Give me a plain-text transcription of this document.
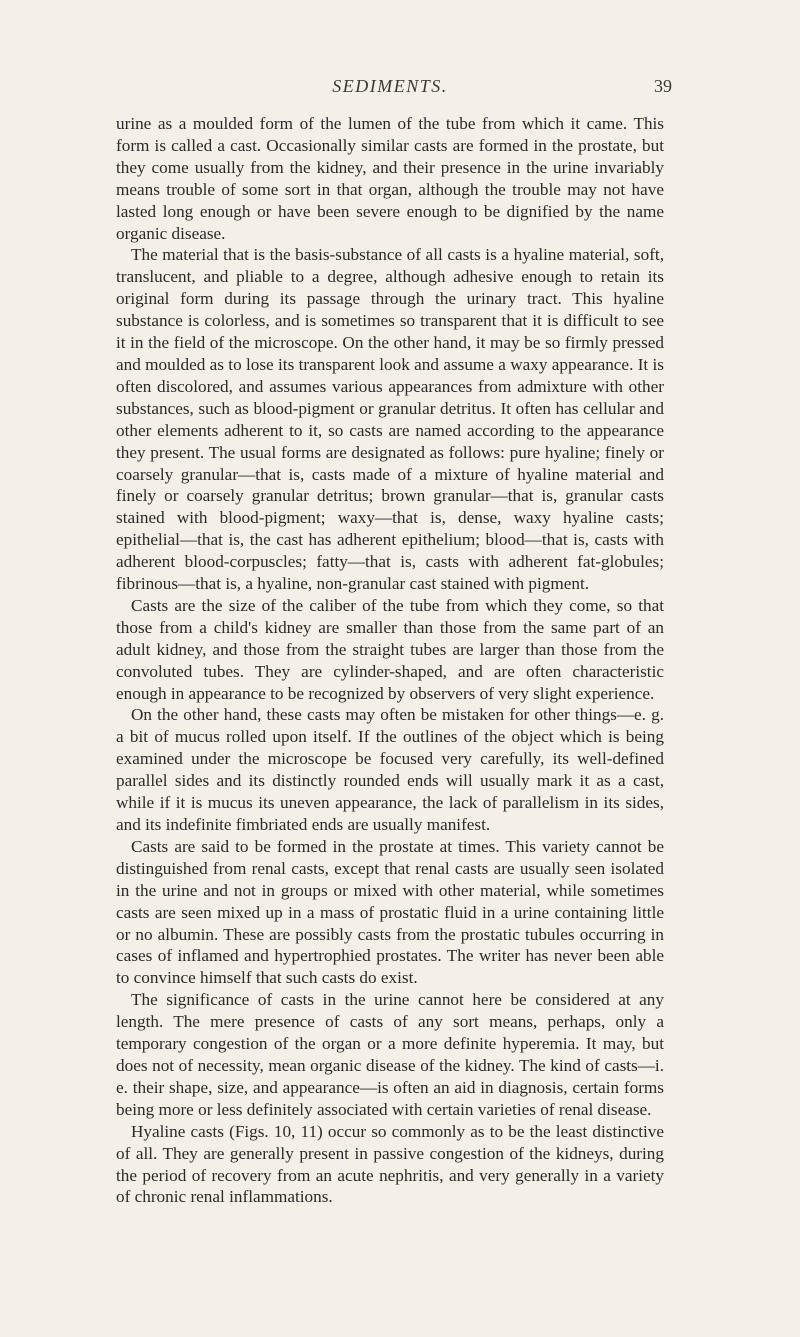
SEDIMENTS.	39

urine as a moulded form of the lumen of the tube from which it came. This form is called a cast. Occasionally similar casts are formed in the prostate, but they come usually from the kidney, and their presence in the urine invariably means trouble of some sort in that organ, although the trouble may not have lasted long enough or have been severe enough to be dignified by the name organic disease.

The material that is the basis-substance of all casts is a hyaline material, soft, translucent, and pliable to a degree, although adhesive enough to retain its original form during its passage through the urinary tract. This hyaline substance is colorless, and is sometimes so transparent that it is difficult to see it in the field of the microscope. On the other hand, it may be so firmly pressed and moulded as to lose its transparent look and assume a waxy appearance. It is often discolored, and assumes various appearances from admixture with other substances, such as blood-pigment or granular detritus. It often has cellular and other elements adherent to it, so casts are named according to the appearance they present. The usual forms are designated as follows: pure hyaline; finely or coarsely granular—that is, casts made of a mixture of hyaline material and finely or coarsely granular detritus; brown granular—that is, granular casts stained with blood-pigment; waxy—that is, dense, waxy hyaline casts; epithelial—that is, the cast has adherent epithelium; blood—that is, casts with adherent blood-corpuscles; fatty—that is, casts with adherent fat-globules; fibrinous—that is, a hyaline, non-granular cast stained with pigment.

Casts are the size of the caliber of the tube from which they come, so that those from a child's kidney are smaller than those from the same part of an adult kidney, and those from the straight tubes are larger than those from the convoluted tubes. They are cylinder-shaped, and are often characteristic enough in appearance to be recognized by observers of very slight experience.

On the other hand, these casts may often be mistaken for other things—e. g. a bit of mucus rolled upon itself. If the outlines of the object which is being examined under the microscope be focused very carefully, its well-defined parallel sides and its distinctly rounded ends will usually mark it as a cast, while if it is mucus its uneven appearance, the lack of parallelism in its sides, and its indefinite fimbriated ends are usually manifest.

Casts are said to be formed in the prostate at times. This variety cannot be distinguished from renal casts, except that renal casts are usually seen isolated in the urine and not in groups or mixed with other material, while sometimes casts are seen mixed up in a mass of prostatic fluid in a urine containing little or no albumin. These are possibly casts from the prostatic tubules occurring in cases of inflamed and hypertrophied prostates. The writer has never been able to convince himself that such casts do exist.

The significance of casts in the urine cannot here be considered at any length. The mere presence of casts of any sort means, perhaps, only a temporary congestion of the organ or a more definite hyperemia. It may, but does not of necessity, mean organic disease of the kidney. The kind of casts—i. e. their shape, size, and appearance—is often an aid in diagnosis, certain forms being more or less definitely associated with certain varieties of renal disease.

Hyaline casts (Figs. 10, 11) occur so commonly as to be the least distinctive of all. They are generally present in passive congestion of the kidneys, during the period of recovery from an acute nephritis, and very generally in a variety of chronic renal inflammations.
